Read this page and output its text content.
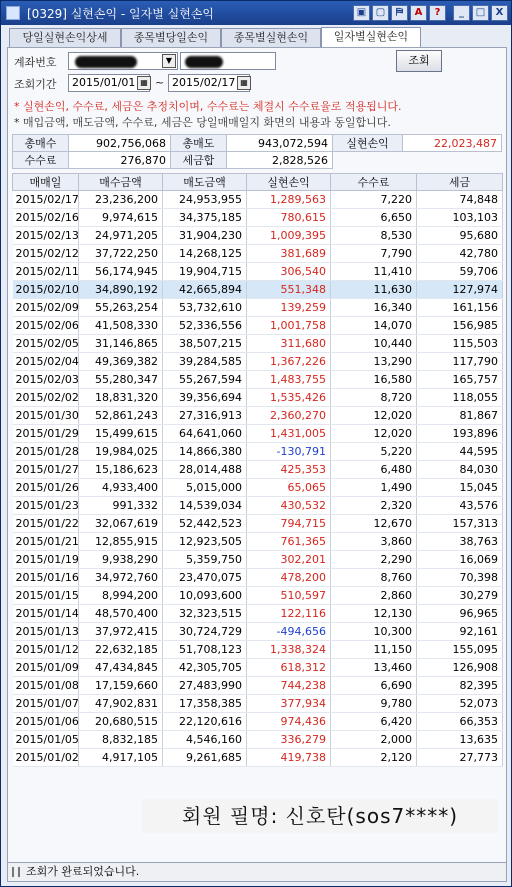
[0329] 실현손익 - 일자별 실현손익	▣ ▢	⛿	A	?	_	□	X
당일실현손익상세	종목별당일손익	종목별실현손익	일자별실현손익
계좌번호	▼	조회
조회기간	2015/01/01 ▦ ~ 2015/02/17 ▦
* 실현손익, 수수료, 세금은 추정치이며, 수수료는 체결시 수수료율로 적용됩니다.
* 매입금액, 매도금액, 수수료, 세금은 당일매매일지 화면의 내용과 동일합니다.
총매수	902,756,068	총매도	943,072,594	실현손익	22,023,487
수수료	276,870	세금합	2,828,526		
매매일	매수금액	매도금액	실현손익	수수료	세금
2015/02/17	23,236,200	24,953,955	1,289,563	7,220	74,848
2015/02/16	9,974,615	34,375,185	780,615	6,650	103,103
2015/02/13	24,971,205	31,904,230	1,009,395	8,530	95,680
2015/02/12	37,722,250	14,268,125	381,689	7,790	42,780
2015/02/11	56,174,945	19,904,715	306,540	11,410	59,706
2015/02/10	34,890,192	42,665,894	551,348	11,630	127,974
2015/02/09	55,263,254	53,732,610	139,259	16,340	161,156
2015/02/06	41,508,330	52,336,556	1,001,758	14,070	156,985
2015/02/05	31,146,865	38,507,215	311,680	10,440	115,503
2015/02/04	49,369,382	39,284,585	1,367,226	13,290	117,790
2015/02/03	55,280,347	55,267,594	1,483,755	16,580	165,757
2015/02/02	18,831,320	39,356,694	1,535,426	8,720	118,055
2015/01/30	52,861,243	27,316,913	2,360,270	12,020	81,867
2015/01/29	15,499,615	64,641,060	1,431,005	12,020	193,896
2015/01/28	19,984,025	14,866,380	-130,791	5,220	44,595
2015/01/27	15,186,623	28,014,488	425,353	6,480	84,030
2015/01/26	4,933,400	5,015,000	65,065	1,490	15,045
2015/01/23	991,332	14,539,034	430,532	2,320	43,576
2015/01/22	32,067,619	52,442,523	794,715	12,670	157,313
2015/01/21	12,855,915	12,923,505	761,365	3,860	38,763
2015/01/19	9,938,290	5,359,750	302,201	2,290	16,069
2015/01/16	34,972,760	23,470,075	478,200	8,760	70,398
2015/01/15	8,994,200	10,093,600	510,597	2,860	30,279
2015/01/14	48,570,400	32,323,515	122,116	12,130	96,965
2015/01/13	37,972,415	30,724,729	-494,656	10,300	92,161
2015/01/12	22,632,185	51,708,123	1,338,324	11,150	155,095
2015/01/09	47,434,845	42,305,705	618,312	13,460	126,908
2015/01/08	17,159,660	27,483,990	744,238	6,690	82,395
2015/01/07	47,902,831	17,358,385	377,934	9,780	52,073
2015/01/06	20,680,515	22,120,616	974,436	6,420	66,353
2015/01/05	8,832,185	4,546,160	336,279	2,000	13,635
2015/01/02	4,917,105	9,261,685	419,738	2,120	27,773
회원 필명: 신호탄(sos7****)
조회가 완료되었습니다.
